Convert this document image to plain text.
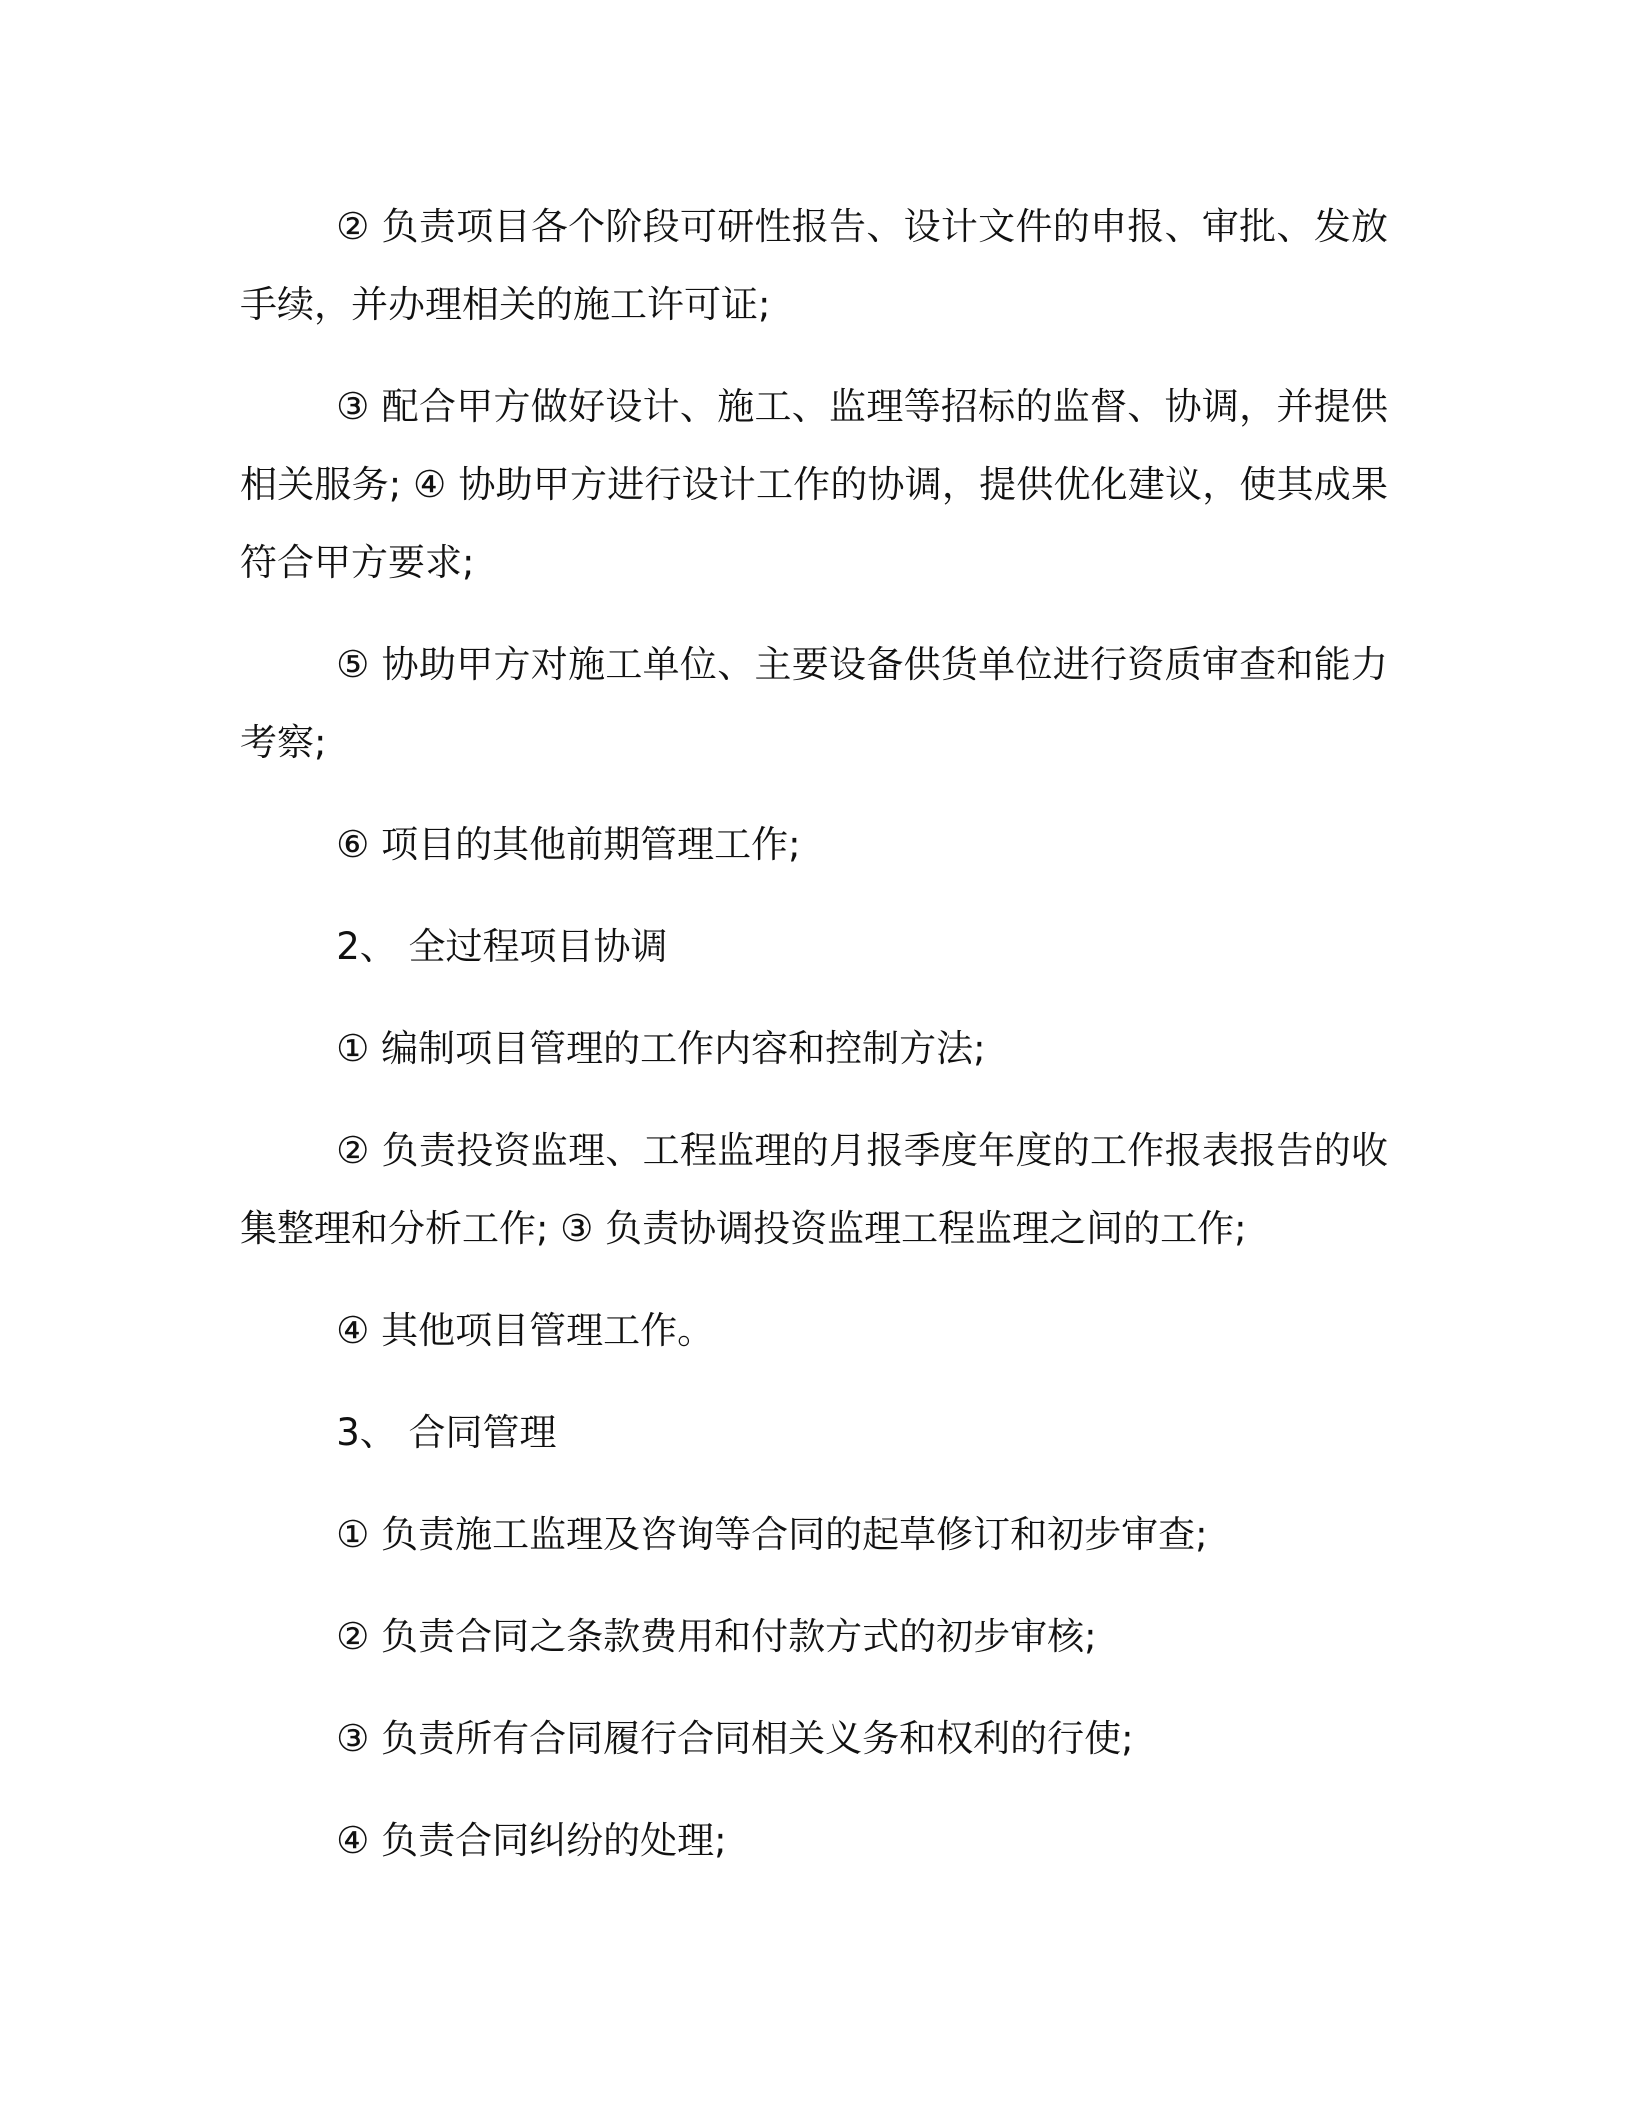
② 负责项目各个阶段可研性报告、设计文件的申报、审批、发放手续，并办理相关的施工许可证;

③ 配合甲方做好设计、施工、监理等招标的监督、协调，并提供相关服务; ④ 协助甲方进行设计工作的协调，提供优化建议，使其成果符合甲方要求;

⑤ 协助甲方对施工单位、主要设备供货单位进行资质审查和能力考察;

⑥ 项目的其他前期管理工作;

2、 全过程项目协调

① 编制项目管理的工作内容和控制方法;

② 负责投资监理、工程监理的月报季度年度的工作报表报告的收集整理和分析工作; ③ 负责协调投资监理工程监理之间的工作;

④ 其他项目管理工作。

3、 合同管理

① 负责施工监理及咨询等合同的起草修订和初步审查;

② 负责合同之条款费用和付款方式的初步审核;

③ 负责所有合同履行合同相关义务和权利的行使;

④ 负责合同纠纷的处理;
